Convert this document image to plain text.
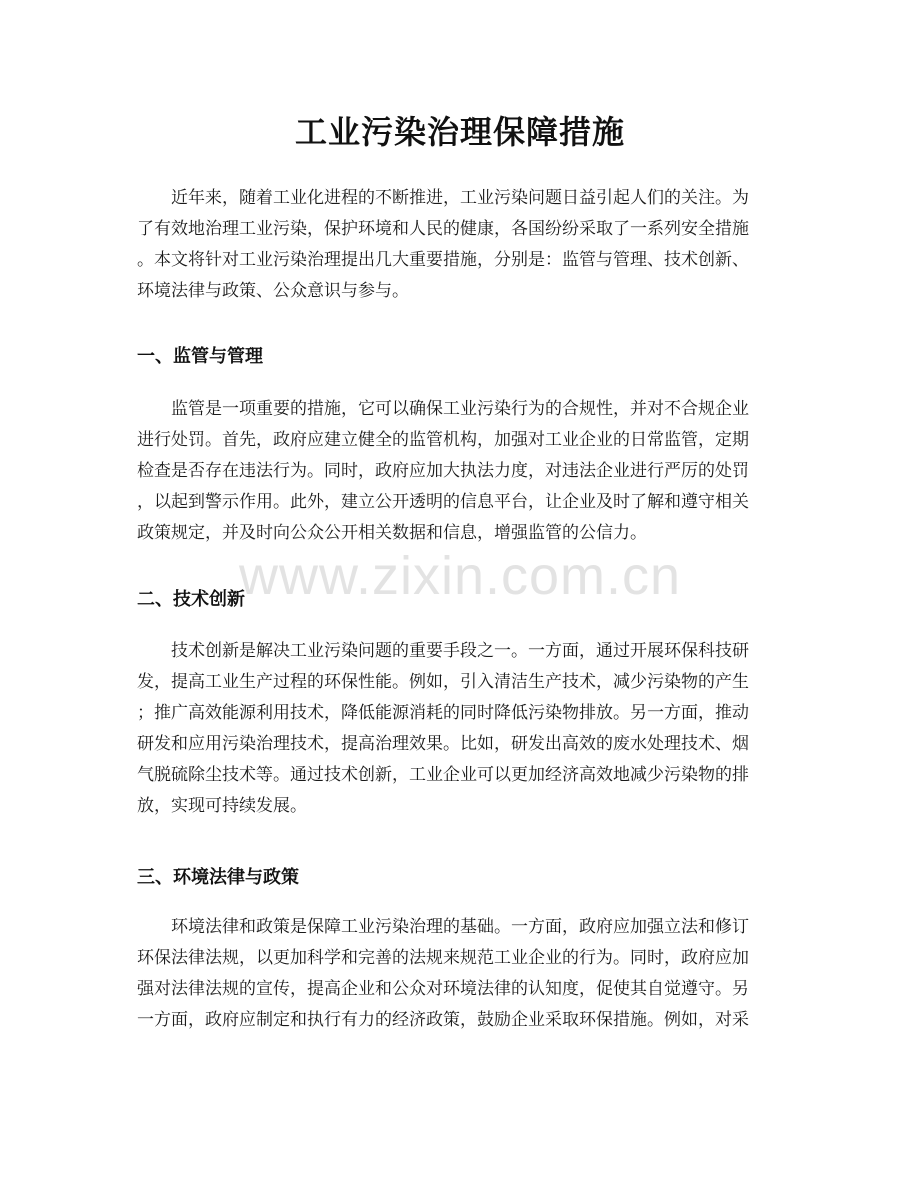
www.zixin.com.cn
工业污染治理保障措施
近年来，随着工业化进程的不断推进，工业污染问题日益引起人们的关注。为
了有效地治理工业污染，保护环境和人民的健康，各国纷纷采取了一系列安全措施
。本文将针对工业污染治理提出几大重要措施，分别是：监管与管理、技术创新、
环境法律与政策、公众意识与参与。
一、监管与管理
监管是一项重要的措施，它可以确保工业污染行为的合规性，并对不合规企业
进行处罚。首先，政府应建立健全的监管机构，加强对工业企业的日常监管，定期
检查是否存在违法行为。同时，政府应加大执法力度，对违法企业进行严厉的处罚
，以起到警示作用。此外，建立公开透明的信息平台，让企业及时了解和遵守相关
政策规定，并及时向公众公开相关数据和信息，增强监管的公信力。
二、技术创新
技术创新是解决工业污染问题的重要手段之一。一方面，通过开展环保科技研
发，提高工业生产过程的环保性能。例如，引入清洁生产技术，减少污染物的产生
；推广高效能源利用技术，降低能源消耗的同时降低污染物排放。另一方面，推动
研发和应用污染治理技术，提高治理效果。比如，研发出高效的废水处理技术、烟
气脱硫除尘技术等。通过技术创新，工业企业可以更加经济高效地减少污染物的排
放，实现可持续发展。
三、环境法律与政策
环境法律和政策是保障工业污染治理的基础。一方面，政府应加强立法和修订
环保法律法规，以更加科学和完善的法规来规范工业企业的行为。同时，政府应加
强对法律法规的宣传，提高企业和公众对环境法律的认知度，促使其自觉遵守。另
一方面，政府应制定和执行有力的经济政策，鼓励企业采取环保措施。例如，对采
